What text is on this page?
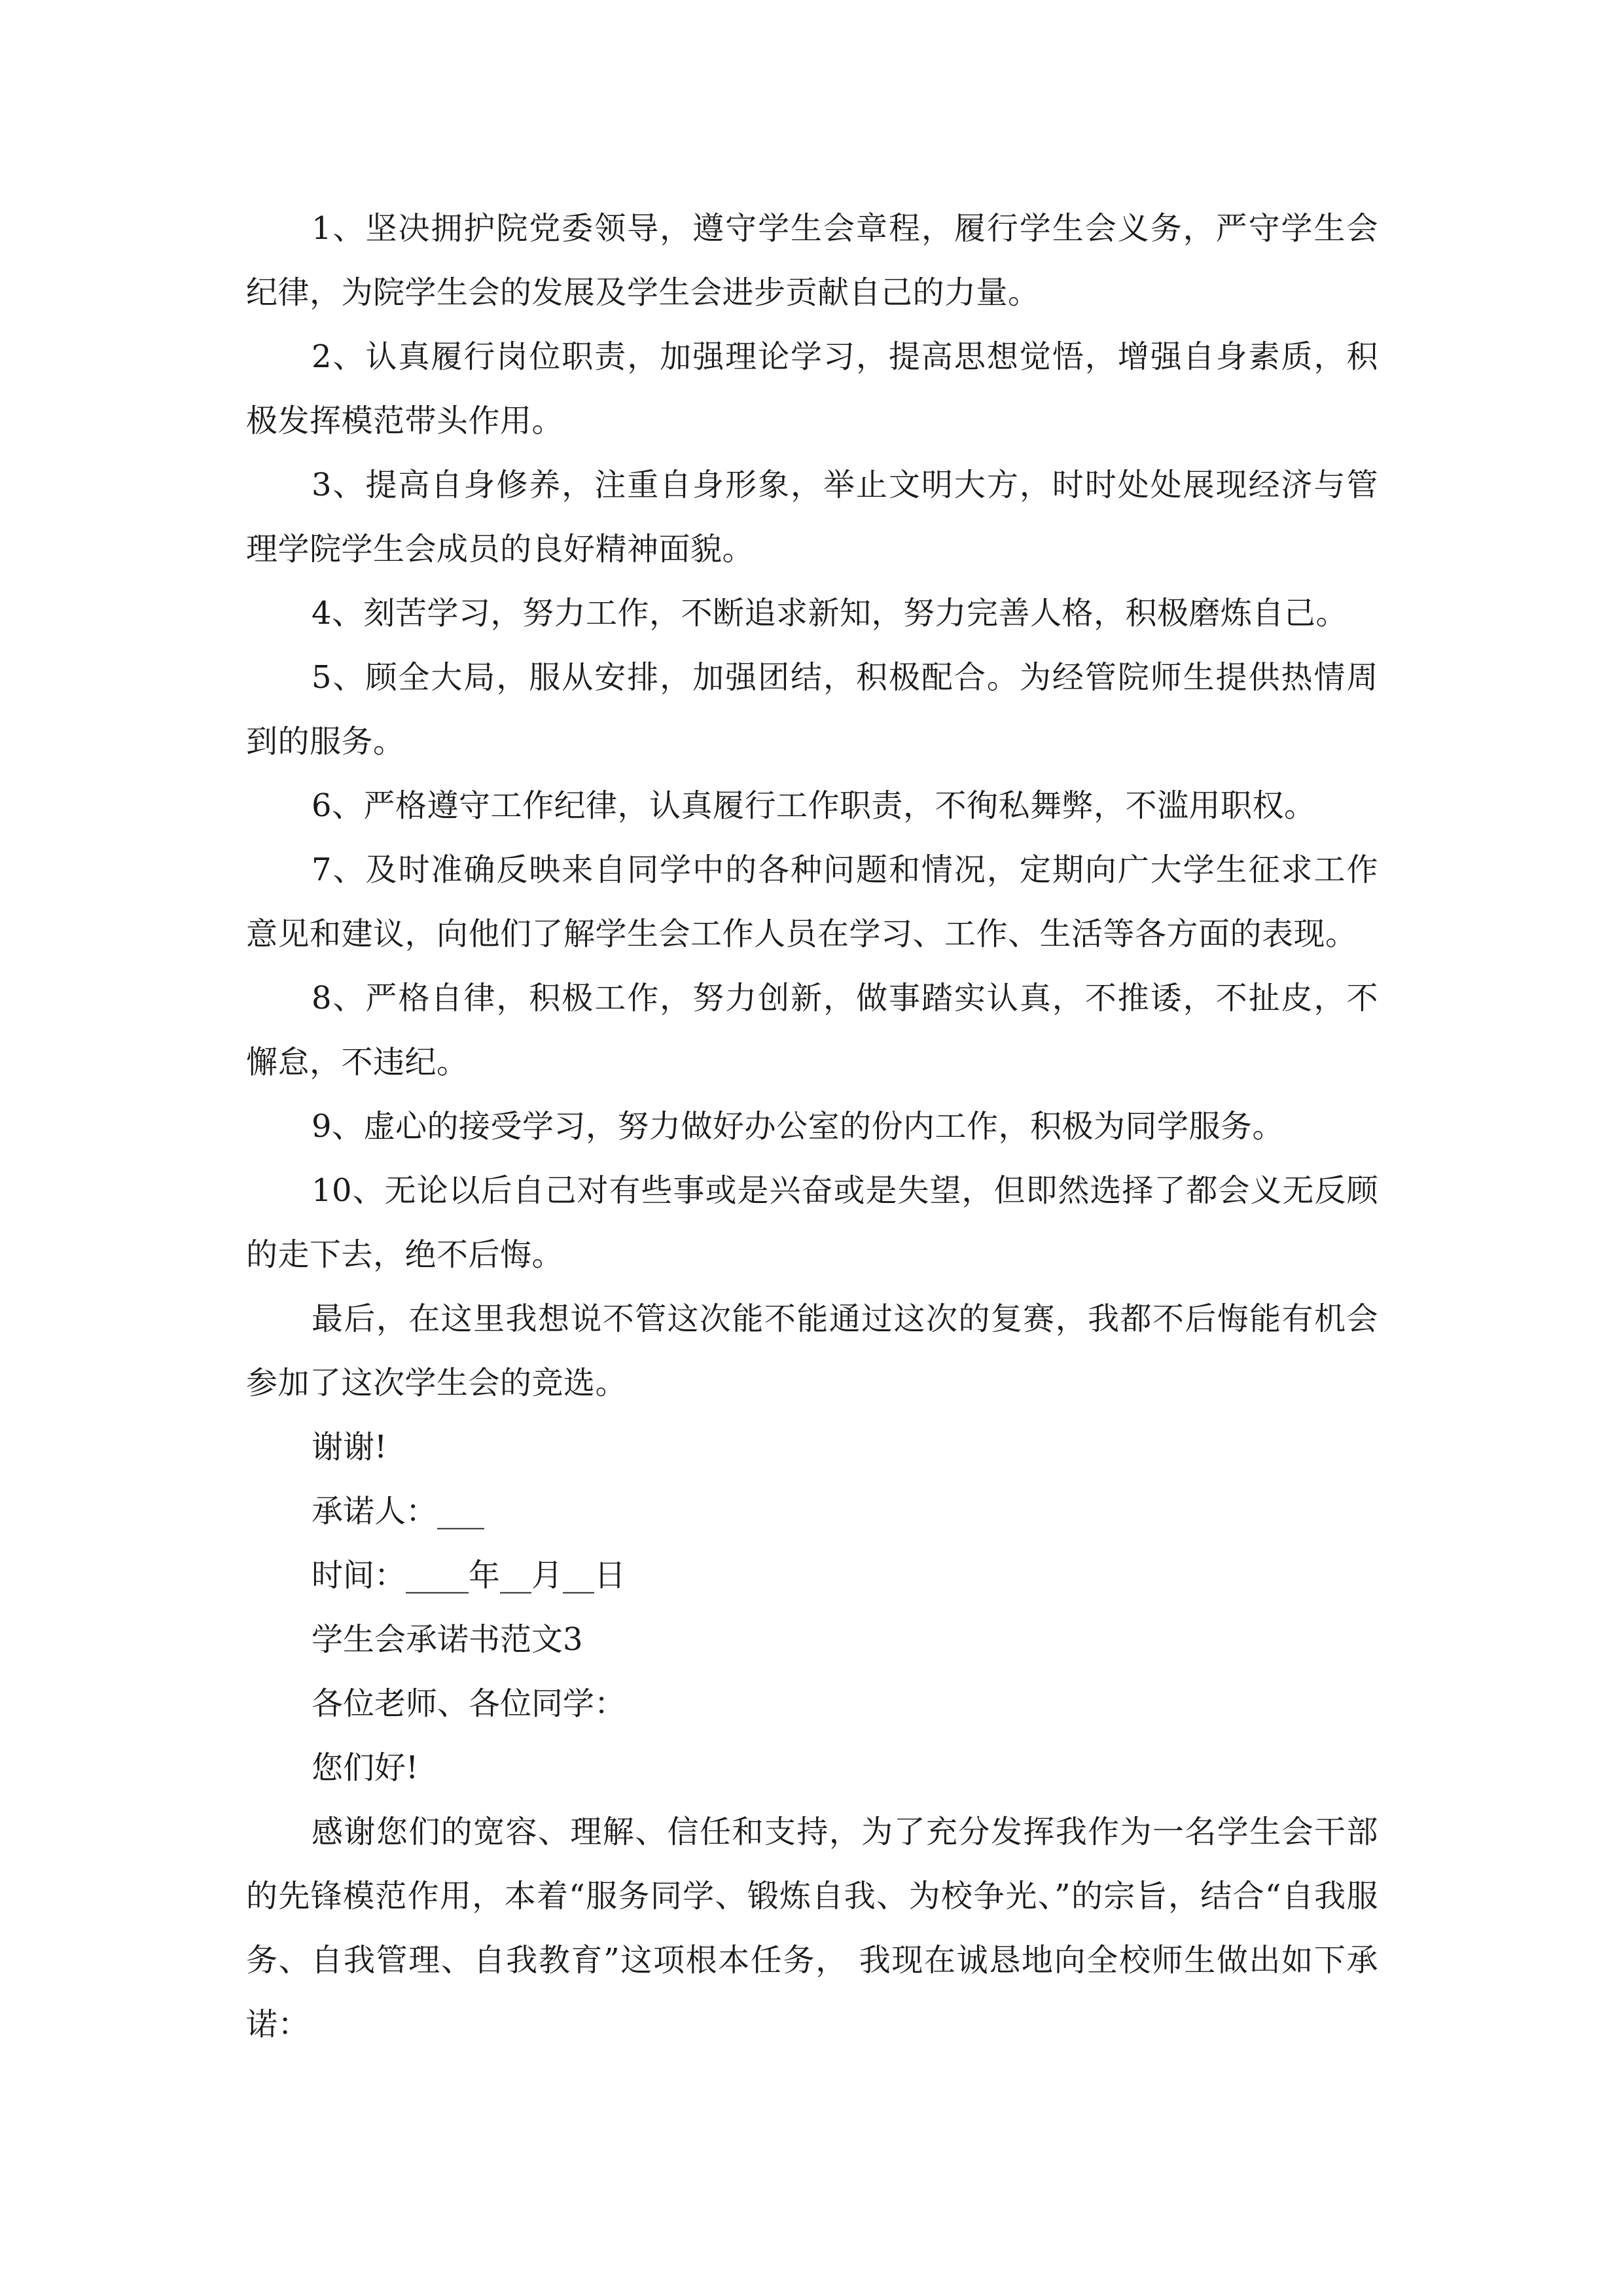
1、坚决拥护院党委领导，遵守学生会章程，履行学生会义务，严守学生会纪律，为院学生会的发展及学生会进步贡献自己的力量。

2、认真履行岗位职责，加强理论学习，提高思想觉悟，增强自身素质，积极发挥模范带头作用。

3、提高自身修养，注重自身形象，举止文明大方，时时处处展现经济与管理学院学生会成员的良好精神面貌。

4、刻苦学习，努力工作，不断追求新知，努力完善人格，积极磨炼自己。

5、顾全大局，服从安排，加强团结，积极配合。为经管院师生提供热情周到的服务。

6、严格遵守工作纪律，认真履行工作职责，不徇私舞弊，不滥用职权。

7、及时准确反映来自同学中的各种问题和情况，定期向广大学生征求工作意见和建议，向他们了解学生会工作人员在学习、工作、生活等各方面的表现。

8、严格自律，积极工作，努力创新，做事踏实认真，不推诿，不扯皮，不懈怠，不违纪。

9、虚心的接受学习，努力做好办公室的份内工作，积极为同学服务。

10、无论以后自己对有些事或是兴奋或是失望，但即然选择了都会义无反顾的走下去，绝不后悔。

最后，在这里我想说不管这次能不能通过这次的复赛，我都不后悔能有机会参加了这次学生会的竞选。

谢谢!

承诺人：___

时间：____年__月__日

学生会承诺书范文3

各位老师、各位同学：

您们好!

感谢您们的宽容、理解、信任和支持，为了充分发挥我作为一名学生会干部的先锋模范作用，本着“服务同学、锻炼自我、为校争光、”的宗旨，结合“自我服务、自我管理、自我教育”这项根本任务， 我现在诚恳地向全校师生做出如下承诺：
